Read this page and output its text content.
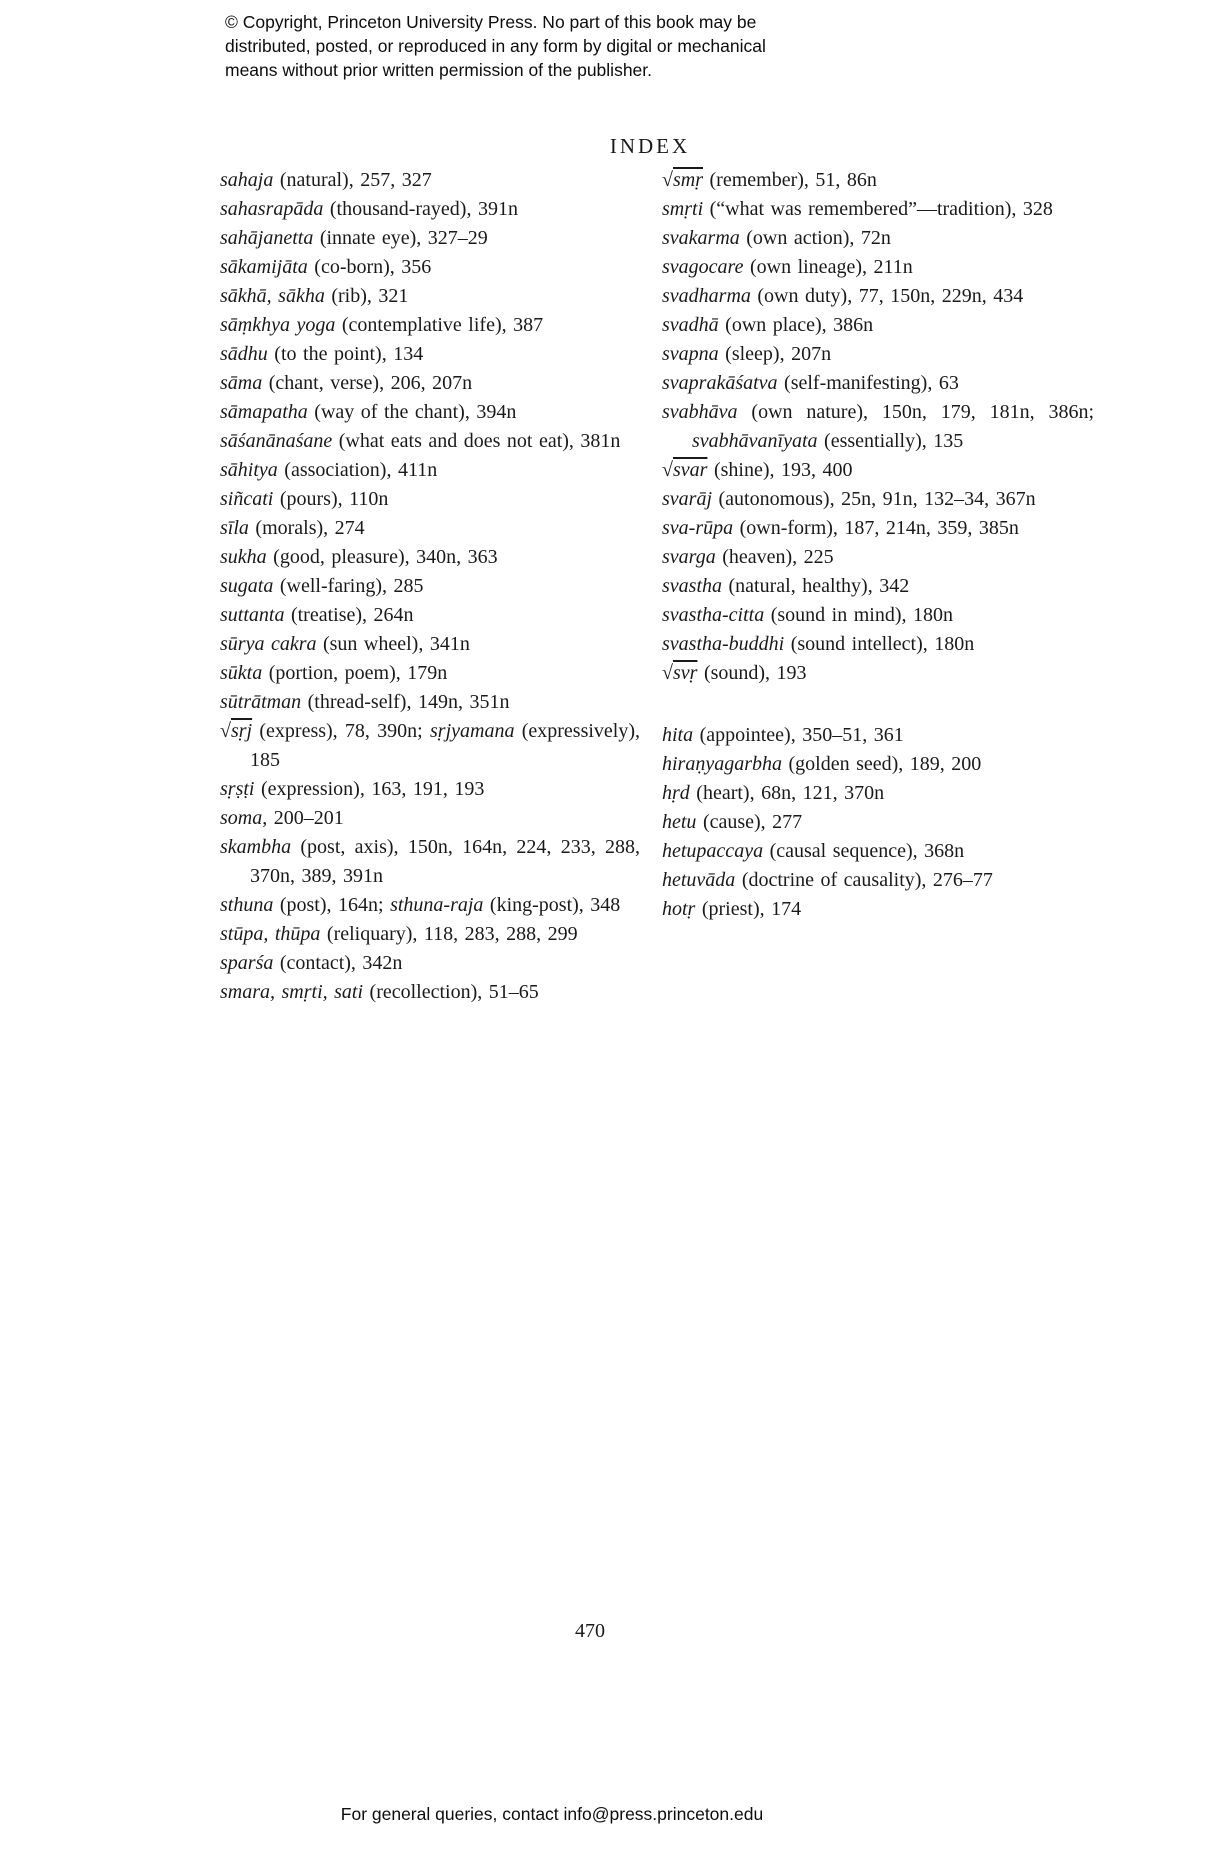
© Copyright, Princeton University Press. No part of this book may be
distributed, posted, or reproduced in any form by digital or mechanical
means without prior written permission of the publisher.
INDEX
sahaja (natural), 257, 327
sahasrapāda (thousand-rayed), 391n
sahājanetta (innate eye), 327–29
sākamijāta (co-born), 356
sākhā, sākha (rib), 321
sāṃkhya yoga (contemplative life), 387
sādhu (to the point), 134
sāma (chant, verse), 206, 207n
sāmapatha (way of the chant), 394n
sāśanānaśane (what eats and does not eat), 381n
sāhitya (association), 411n
siñcati (pours), 110n
sīla (morals), 274
sukha (good, pleasure), 340n, 363
sugata (well-faring), 285
suttanta (treatise), 264n
sūrya cakra (sun wheel), 341n
sūkta (portion, poem), 179n
sūtrātman (thread-self), 149n, 351n
√sṛj (express), 78, 390n; sṛjyamana (expressively), 185
sṛṣṭi (expression), 163, 191, 193
soma, 200–201
skambha (post, axis), 150n, 164n, 224, 233, 288, 370n, 389, 391n
sthuna (post), 164n; sthuna-raja (king-post), 348
stūpa, thūpa (reliquary), 118, 283, 288, 299
sparśa (contact), 342n
smara, smṛti, sati (recollection), 51–65
√smṛ (remember), 51, 86n
smṛti (“what was remembered”—tradition), 328
svakarma (own action), 72n
svagocare (own lineage), 211n
svadharma (own duty), 77, 150n, 229n, 434
svadhā (own place), 386n
svapna (sleep), 207n
svaprakāśatva (self-manifesting), 63
svabhāva (own nature), 150n, 179, 181n, 386n; svabhāvanīyata (essentially), 135
√svar (shine), 193, 400
svarāj (autonomous), 25n, 91n, 132–34, 367n
sva-rūpa (own-form), 187, 214n, 359, 385n
svarga (heaven), 225
svastha (natural, healthy), 342
svastha-citta (sound in mind), 180n
svastha-buddhi (sound intellect), 180n
√svṛ (sound), 193
hita (appointee), 350–51, 361
hiraṇyagarbha (golden seed), 189, 200
hṛd (heart), 68n, 121, 370n
hetu (cause), 277
hetupaccaya (causal sequence), 368n
hetuvāda (doctrine of causality), 276–77
hotṛ (priest), 174
470
For general queries, contact info@press.princeton.edu
